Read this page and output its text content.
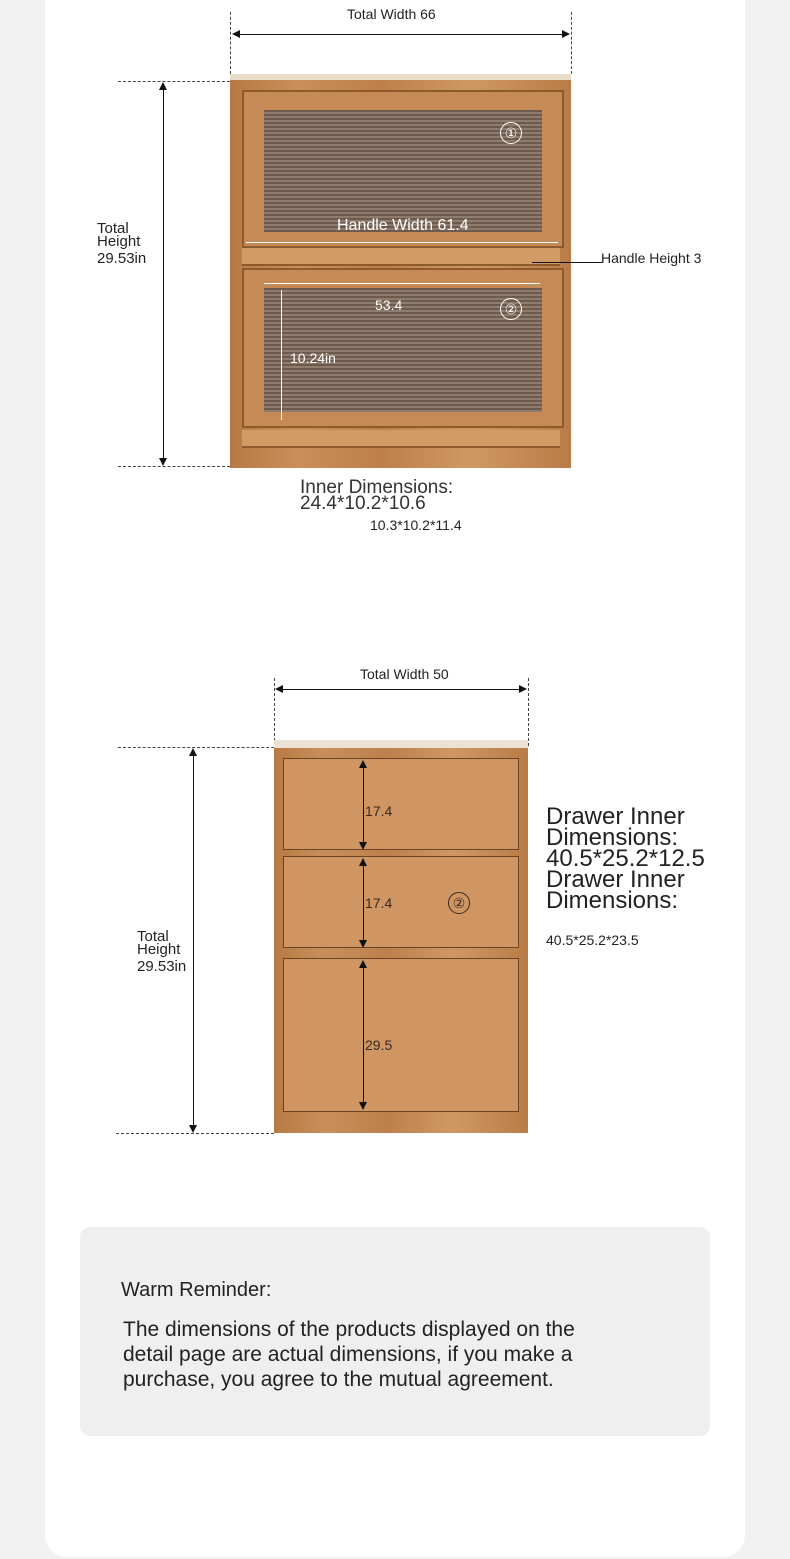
Total Width 66
Total
Height
29.53in
①
②
Handle Width 61.4
Handle Height 3
53.4
10.24in
Inner Dimensions:
24.4*10.2*10.6
10.3*10.2*11.4
Total Width 50
Total
Height
29.53in
17.4
17.4
29.5
②
Drawer Inner
Dimensions:
40.5*25.2*12.5
Drawer Inner
Dimensions:
40.5*25.2*23.5
Warm Reminder:
The dimensions of the products displayed on the
detail page are actual dimensions, if you make a
purchase, you agree to the mutual agreement.
